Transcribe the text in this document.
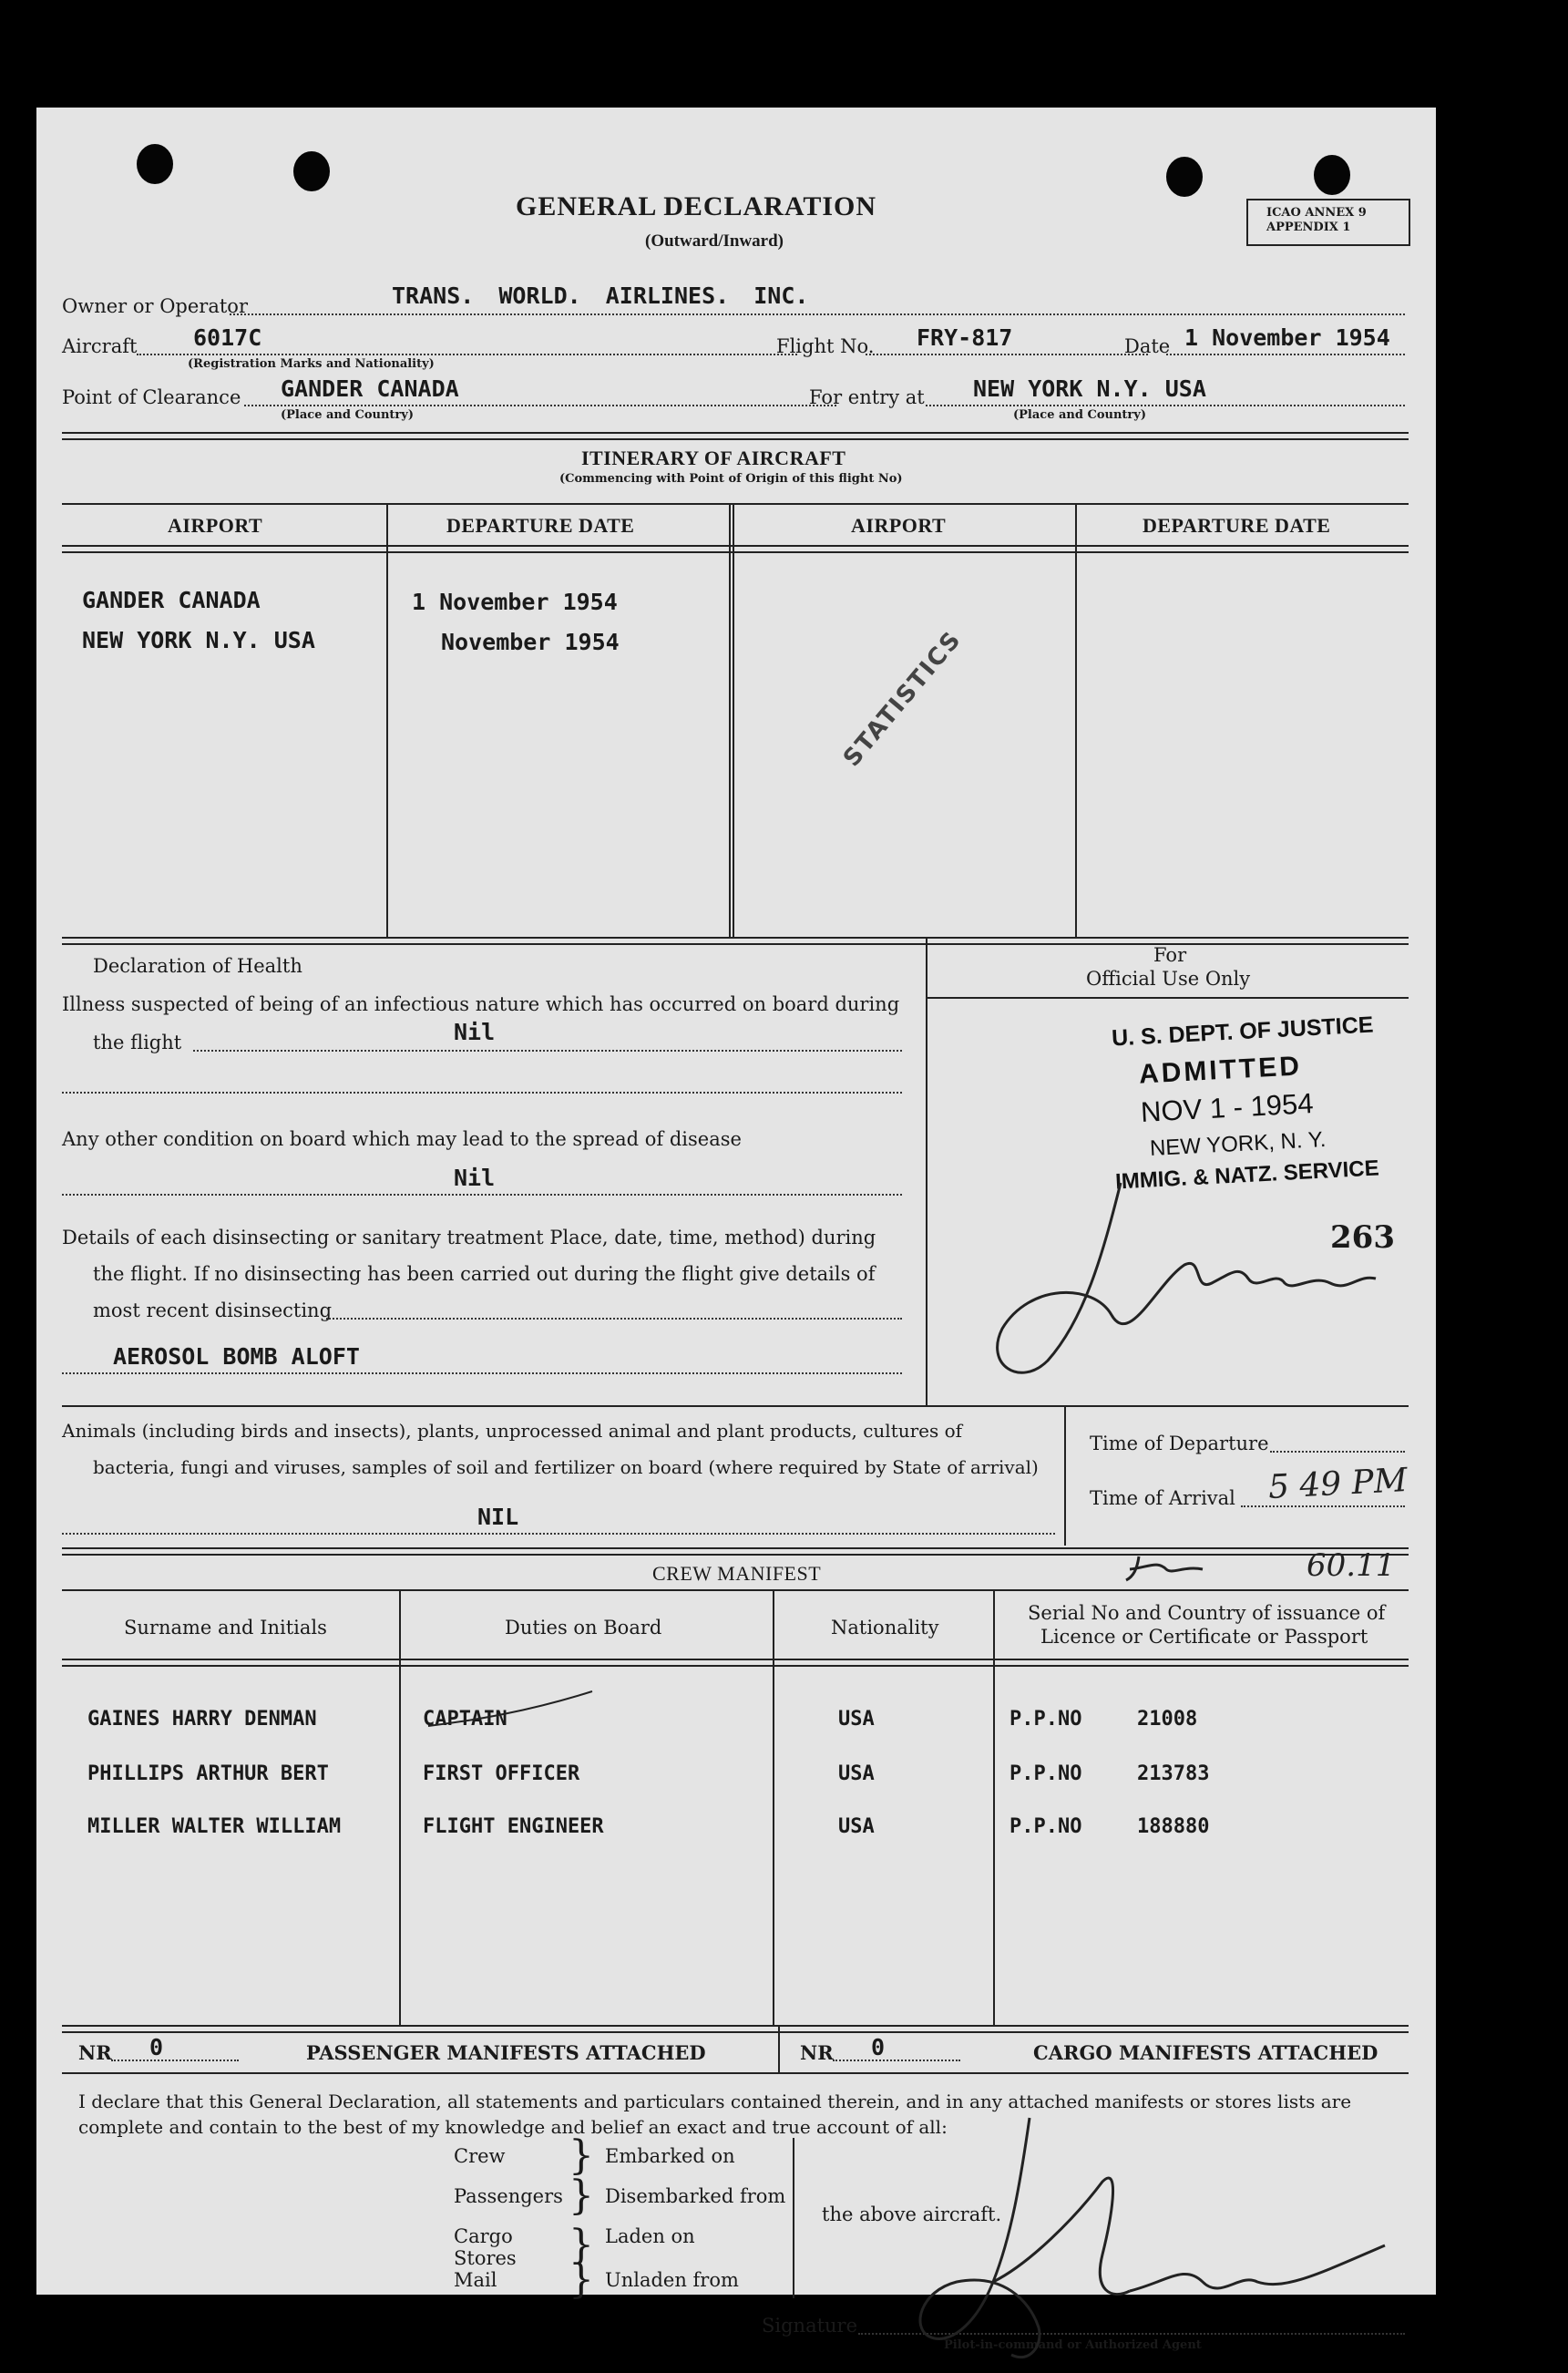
GENERAL DECLARATION
(Outward/Inward)
ICAO ANNEX 9
APPENDIX 1
Owner or Operator	TRANS. WORLD. AIRLINES. INC.
Aircraft 6017C
(Registration Marks and Nationality)
Flight No. FRY-817	Date 1 November 1954
Point of Clearance GANDER CANADA
(Place and Country)
For entry at NEW YORK N.Y. USA
(Place and Country)
ITINERARY OF AIRCRAFT
(Commencing with Point of Origin of this flight No)
AIRPORT	DEPARTURE DATE	AIRPORT	DEPARTURE DATE
GANDER CANADA	1 November 1954
NEW YORK N.Y. USA	November 1954	STATISTICS
Declaration of Health
Illness suspected of being of an infectious nature which has occurred on board during
the flight	Nil
Any other condition on board which may lead to the spread of disease
Nil
Details of each disinsecting or sanitary treatment Place, date, time, method) during
the flight. If no disinsecting has been carried out during the flight give details of
most recent disinsecting
AEROSOL BOMB ALOFT
For
Official Use Only
U. S. DEPT. OF JUSTICE
ADMITTED
NOV 1 - 1954
NEW YORK, N. Y.
IMMIG. & NATZ. SERVICE
263
Animals (including birds and insects), plants, unprocessed animal and plant products, cultures of
bacteria, fungi and viruses, samples of soil and fertilizer on board (where required by State of arrival)
NIL
Time of Departure
Time of Arrival 5 49 PM
60.11
CREW MANIFEST
Surname and Initials	Duties on Board	Nationality
Serial No and Country of issuance of
Licence or Certificate or Passport
GAINES HARRY DENMAN	CAPTAIN	USA	P.P.NO	21008
PHILLIPS ARTHUR BERT	FIRST OFFICER	USA	P.P.NO	213783
MILLER WALTER WILLIAM	FLIGHT ENGINEER	USA	P.P.NO	188880
NR 0	PASSENGER MANIFESTS ATTACHED	NR 0	CARGO MANIFESTS ATTACHED
I declare that this General Declaration, all statements and particulars contained therein, and in any attached manifests or stores lists are
complete and contain to the best of my knowledge and belief an exact and true account of all:
Crew
Passengers
Cargo
Stores
Mail
}
}
}
}
Embarked on
Disembarked from
Laden on
Unladen from
the above aircraft.
Signature
Pilot-in-command or Authorized Agent
